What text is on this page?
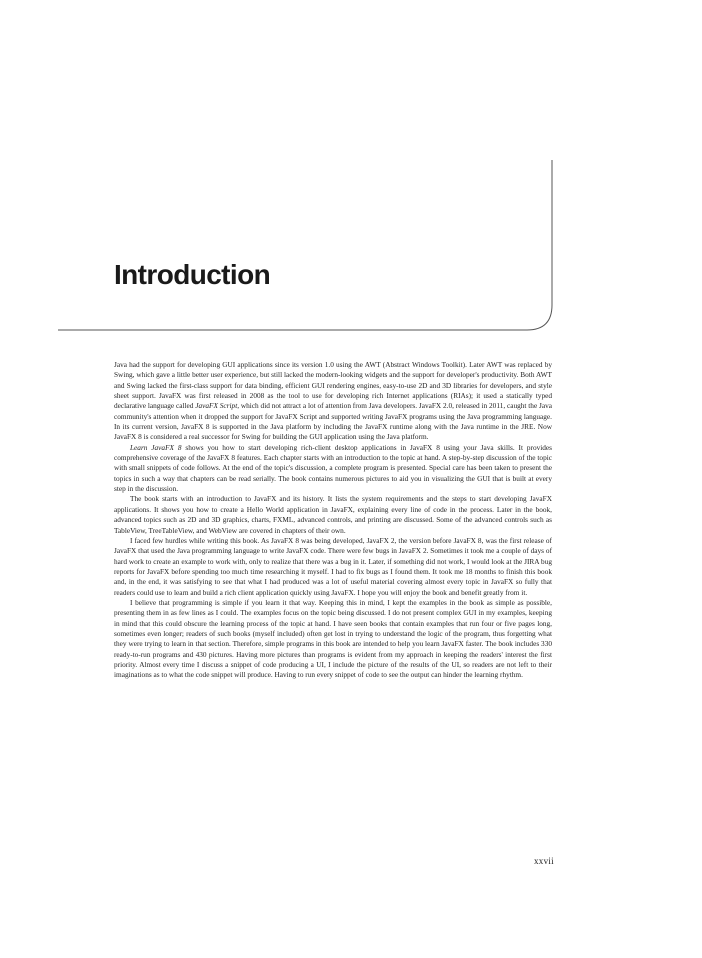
Introduction

Java had the support for developing GUI applications since its version 1.0 using the AWT (Abstract Windows Toolkit). Later AWT was replaced by Swing, which gave a little better user experience, but still lacked the modern-looking widgets and the support for developer's productivity. Both AWT and Swing lacked the first-class support for data binding, efficient GUI rendering engines, easy-to-use 2D and 3D libraries for developers, and style sheet support. JavaFX was first released in 2008 as the tool to use for developing rich Internet applications (RIAs); it used a statically typed declarative language called JavaFX Script, which did not attract a lot of attention from Java developers. JavaFX 2.0, released in 2011, caught the Java community's attention when it dropped the support for JavaFX Script and supported writing JavaFX programs using the Java programming language. In its current version, JavaFX 8 is supported in the Java platform by including the JavaFX runtime along with the Java runtime in the JRE. Now JavaFX 8 is considered a real successor for Swing for building the GUI application using the Java platform.

Learn JavaFX 8 shows you how to start developing rich-client desktop applications in JavaFX 8 using your Java skills. It provides comprehensive coverage of the JavaFX 8 features. Each chapter starts with an introduction to the topic at hand. A step-by-step discussion of the topic with small snippets of code follows. At the end of the topic's discussion, a complete program is presented. Special care has been taken to present the topics in such a way that chapters can be read serially. The book contains numerous pictures to aid you in visualizing the GUI that is built at every step in the discussion.

The book starts with an introduction to JavaFX and its history. It lists the system requirements and the steps to start developing JavaFX applications. It shows you how to create a Hello World application in JavaFX, explaining every line of code in the process. Later in the book, advanced topics such as 2D and 3D graphics, charts, FXML, advanced controls, and printing are discussed. Some of the advanced controls such as TableView, TreeTableView, and WebView are covered in chapters of their own.

I faced few hurdles while writing this book. As JavaFX 8 was being developed, JavaFX 2, the version before JavaFX 8, was the first release of JavaFX that used the Java programming language to write JavaFX code. There were few bugs in JavaFX 2. Sometimes it took me a couple of days of hard work to create an example to work with, only to realize that there was a bug in it. Later, if something did not work, I would look at the JIRA bug reports for JavaFX before spending too much time researching it myself. I had to fix bugs as I found them. It took me 18 months to finish this book and, in the end, it was satisfying to see that what I had produced was a lot of useful material covering almost every topic in JavaFX so fully that readers could use to learn and build a rich client application quickly using JavaFX. I hope you will enjoy the book and benefit greatly from it.

I believe that programming is simple if you learn it that way. Keeping this in mind, I kept the examples in the book as simple as possible, presenting them in as few lines as I could. The examples focus on the topic being discussed. I do not present complex GUI in my examples, keeping in mind that this could obscure the learning process of the topic at hand. I have seen books that contain examples that run four or five pages long, sometimes even longer; readers of such books (myself included) often get lost in trying to understand the logic of the program, thus forgetting what they were trying to learn in that section. Therefore, simple programs in this book are intended to help you learn JavaFX faster. The book includes 330 ready-to-run programs and 430 pictures. Having more pictures than programs is evident from my approach in keeping the readers' interest the first priority. Almost every time I discuss a snippet of code producing a UI, I include the picture of the results of the UI, so readers are not left to their imaginations as to what the code snippet will produce. Having to run every snippet of code to see the output can hinder the learning rhythm.

xxvii
